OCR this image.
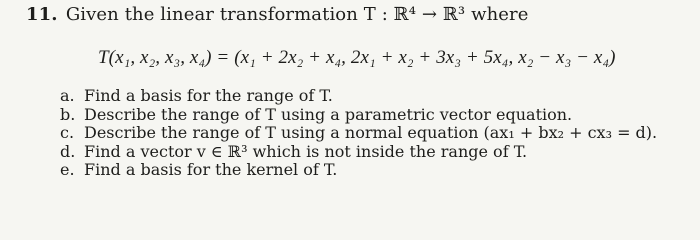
11. Given the linear transformation T : ℝ⁴ → ℝ³ where
T(x₁, x₂, x₃, x₄) = (x₁ + 2x₂ + x₄, 2x₁ + x₂ + 3x₃ + 5x₄, x₂ − x₃ − x₄)
a. Find a basis for the range of T.
b. Describe the range of T using a parametric vector equation.
c. Describe the range of T using a normal equation (ax₁ + bx₂ + cx₃ = d).
d. Find a vector v ∈ ℝ³ which is not inside the range of T.
e. Find a basis for the kernel of T.
